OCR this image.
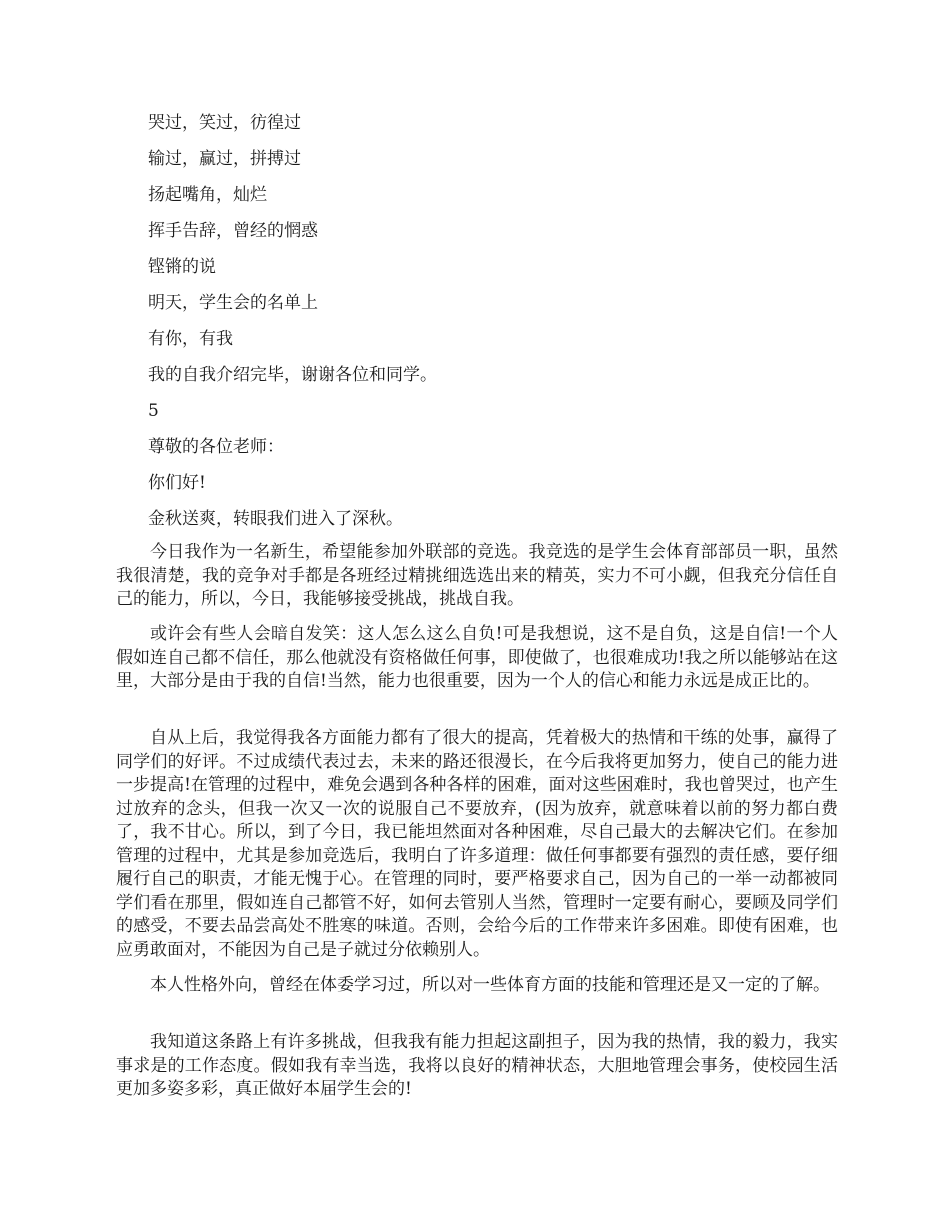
哭过，笑过，彷徨过

输过，赢过，拼搏过

扬起嘴角，灿烂

挥手告辞，曾经的惘惑

铿锵的说

明天，学生会的名单上

有你，有我

我的自我介绍完毕，谢谢各位和同学。

5

尊敬的各位老师：

你们好!

金秋送爽，转眼我们进入了深秋。

今日我作为一名新生，希望能参加外联部的竞选。我竞选的是学生会体育部部员一职，虽然我很清楚，我的竞争对手都是各班经过精挑细选选出来的精英，实力不可小觑，但我充分信任自己的能力，所以，今日，我能够接受挑战，挑战自我。

或许会有些人会暗自发笑：这人怎么这么自负!可是我想说，这不是自负，这是自信!一个人假如连自己都不信任，那么他就没有资格做任何事，即使做了，也很难成功!我之所以能够站在这里，大部分是由于我的自信!当然，能力也很重要，因为一个人的信心和能力永远是成正比的。

自从上后，我觉得我各方面能力都有了很大的提高，凭着极大的热情和干练的处事，赢得了同学们的好评。不过成绩代表过去，未来的路还很漫长，在今后我将更加努力，使自己的能力进一步提高!在管理的过程中，难免会遇到各种各样的困难，面对这些困难时，我也曾哭过，也产生过放弃的念头，但我一次又一次的说服自己不要放弃，(因为放弃，就意味着以前的努力都白费了，我不甘心。所以，到了今日，我已能坦然面对各种困难，尽自己最大的去解决它们。在参加管理的过程中，尤其是参加竞选后，我明白了许多道理：做任何事都要有强烈的责任感，要仔细履行自己的职责，才能无愧于心。在管理的同时，要严格要求自己，因为自己的一举一动都被同学们看在那里，假如连自己都管不好，如何去管别人当然，管理时一定要有耐心，要顾及同学们的感受，不要去品尝高处不胜寒的味道。否则，会给今后的工作带来许多困难。即使有困难，也应勇敢面对，不能因为自己是子就过分依赖别人。

本人性格外向，曾经在体委学习过，所以对一些体育方面的技能和管理还是又一定的了解。

我知道这条路上有许多挑战，但我我有能力担起这副担子，因为我的热情，我的毅力，我实事求是的工作态度。假如我有幸当选，我将以良好的精神状态，大胆地管理会事务，使校园生活更加多姿多彩，真正做好本届学生会的!
